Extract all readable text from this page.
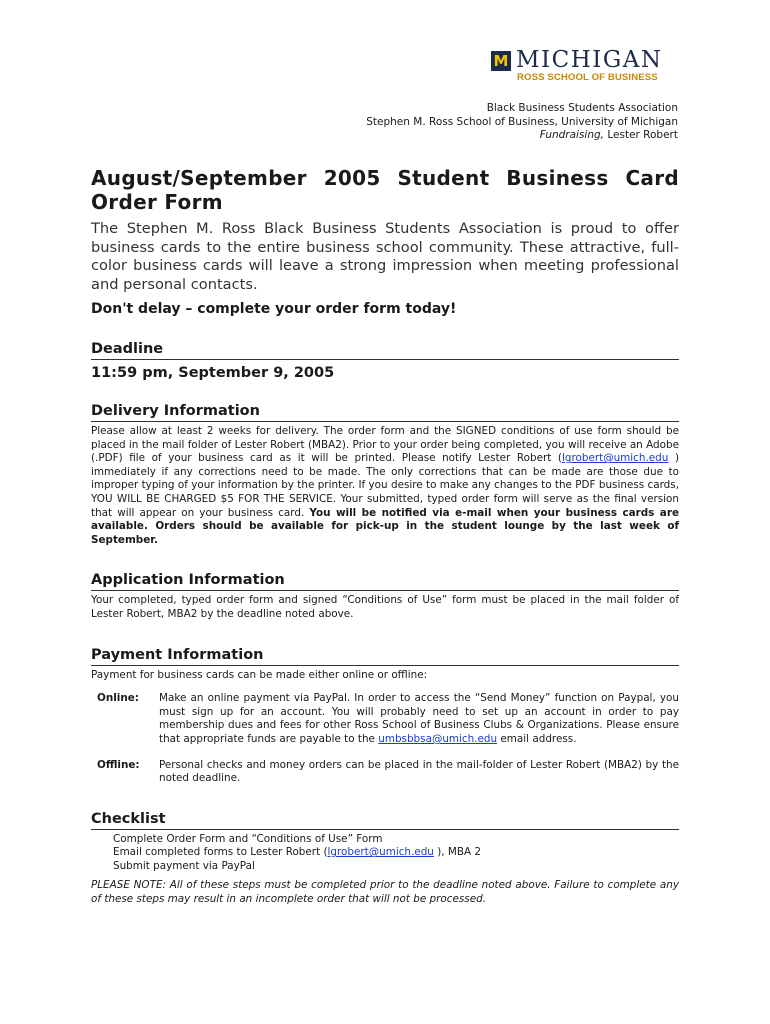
M MICHIGAN
ROSS SCHOOL OF BUSINESS
Black Business Students Association
Stephen M. Ross School of Business, University of Michigan
Fundraising, Lester Robert
August/September 2005 Student Business Card Order Form

The Stephen M. Ross Black Business Students Association is proud to offer business cards to the entire business school community. These attractive, full-color business cards will leave a strong impression when meeting professional and personal contacts.

Don't delay – complete your order form today!

Deadline
11:59 pm, September 9, 2005
Delivery Information

Please allow at least 2 weeks for delivery. The order form and the SIGNED conditions of use form should be placed in the mail folder of Lester Robert (MBA2). Prior to your order being completed, you will receive an Adobe (.PDF) file of your business card as it will be printed. Please notify Lester Robert (lgrobert@umich.edu ) immediately if any corrections need to be made. The only corrections that can be made are those due to improper typing of your information by the printer. If you desire to make any changes to the PDF business cards, YOU WILL BE CHARGED $5 FOR THE SERVICE. Your submitted, typed order form will serve as the final version that will appear on your business card. You will be notified via e-mail when your business cards are available. Orders should be available for pick-up in the student lounge by the last week of September.

Application Information

Your completed, typed order form and signed “Conditions of Use” form must be placed in the mail folder of Lester Robert, MBA2 by the deadline noted above.

Payment Information

Payment for business cards can be made either online or offline:

Online:	Make an online payment via PayPal. In order to access the “Send Money” function on Paypal, you must sign up for an account. You will probably need to set up an account in order to pay membership dues and fees for other Ross School of Business Clubs & Organizations. Please ensure that appropriate funds are payable to the umbsbbsa@umich.edu email address.
Offline:	Personal checks and money orders can be placed in the mail-folder of Lester Robert (MBA2) by the noted deadline.
Checklist
Complete Order Form and “Conditions of Use” Form
Email completed forms to Lester Robert (lgrobert@umich.edu ), MBA 2
Submit payment via PayPal

PLEASE NOTE: All of these steps must be completed prior to the deadline noted above. Failure to complete any of these steps may result in an incomplete order that will not be processed.
